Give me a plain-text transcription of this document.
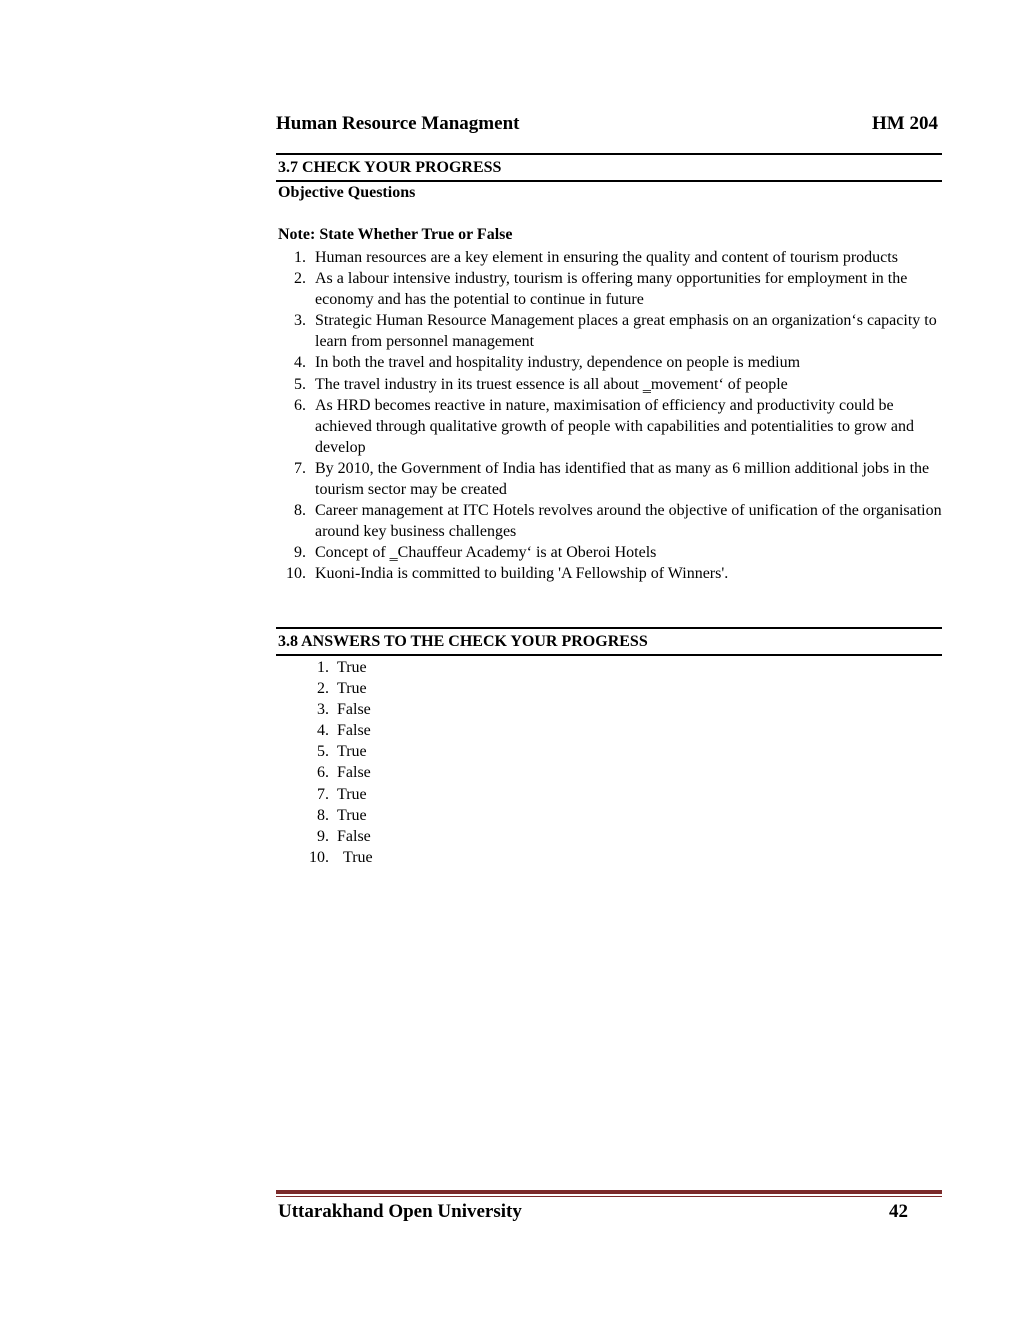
Human Resource Managment	HM 204
3.7 CHECK YOUR PROGRESS
Objective Questions
Note: State Whether True or False
1. Human resources are a key element in ensuring the quality and content of tourism products
2. As a labour intensive industry, tourism is offering many opportunities for employment in the economy and has the potential to continue in future
3. Strategic Human Resource Management places a great emphasis on an organization‘s capacity to learn from personnel management
4. In both the travel and hospitality industry, dependence on people is medium
5. The travel industry in its truest essence is all about ‗movement‘ of people
6. As HRD becomes reactive in nature, maximisation of efficiency and productivity could be achieved through qualitative growth of people with capabilities and potentialities to grow and develop
7. By 2010, the Government of India has identified that as many as 6 million additional jobs in the tourism sector may be created
8. Career management at ITC Hotels revolves around the objective of unification of the organisation around key business challenges
9. Concept of ‗Chauffeur Academy‘ is at Oberoi Hotels
10. Kuoni-India is committed to building 'A Fellowship of Winners'.
3.8 ANSWERS TO THE CHECK YOUR PROGRESS
1. True
2. True
3. False
4. False
5. True
6. False
7. True
8. True
9. False
10. True
Uttarakhand Open University	42
